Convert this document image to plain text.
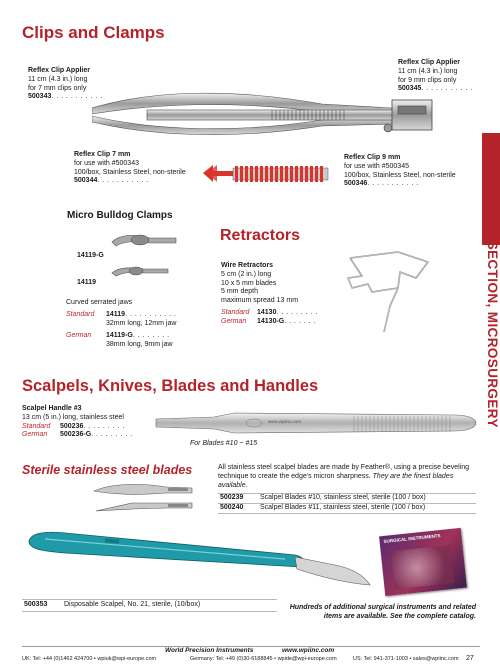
Clips and Clamps
Reflex Clip Applier
11 cm (4.3 in.) long
for 7 mm clips only
500343. . . . . . . . . . .
Reflex Clip Applier
11 cm (4.3 in.) long
for 9 mm clips only
500345. . . . . . . . . . .
Reflex Clip 7 mm
for use with #500343
100/box, Stainless Steel, non-sterile
500344. . . . . . . . . . .
Reflex Clip 9 mm
for use with #500345
100/box, Stainless Steel, non-sterile
500346. . . . . . . . . . .
Micro Bulldog Clamps
14119-G
14119
Curved serrated jaws
Standard	14119 . . . . . . . . . . .
32mm long, 12mm jaw
German	14119-G . . . . . . . .
38mm long, 9mm jaw
Retractors
Wire Retractors
5 cm (2 in.) long
10 x 5 mm blades
5 mm depth
maximum spread 13 mm
Standard	14130 . . . . . . . . .
German	14130-G . . . . . . .
Scalpels, Knives, Blades and Handles
Scalpel Handle #3
13 cm (5 in.) long, stainless steel
Standard	500236 . . . . . . . . .
German	500236-G . . . . . . . . .
www.wpiinc.com
For Blades #10 ~ #15
Sterile stainless steel blades	All stainless steel scalpel blades are made by Feather®, using a precise beveling technique to create the edge's micron sharpness. They are the finest blades available.
500239	Scalpel Blades #10, stainless steel, sterile (100 / box)
500240	Scalpel Blades #11, stainless steel, sterile (100 / box)
500353 Disposable Scalpel, No. 21, sterile, (10/box)
SURGICAL INSTRUMENTS
Hundreds of additional surgical instruments and related items are available. See the complete catalog.
MICRODISSECTION, MICROSURGERY
World Precision Instruments	www.wpiinc.com
UK: Tel: +44 (0)1462 424700 • wpiuk@wpi-europe.com	Germany: Tel: +49 (0)30-6188845 • wpide@wpi-europe.com	US: Tel: 941-371-1003 • sales@wpiinc.com 27
